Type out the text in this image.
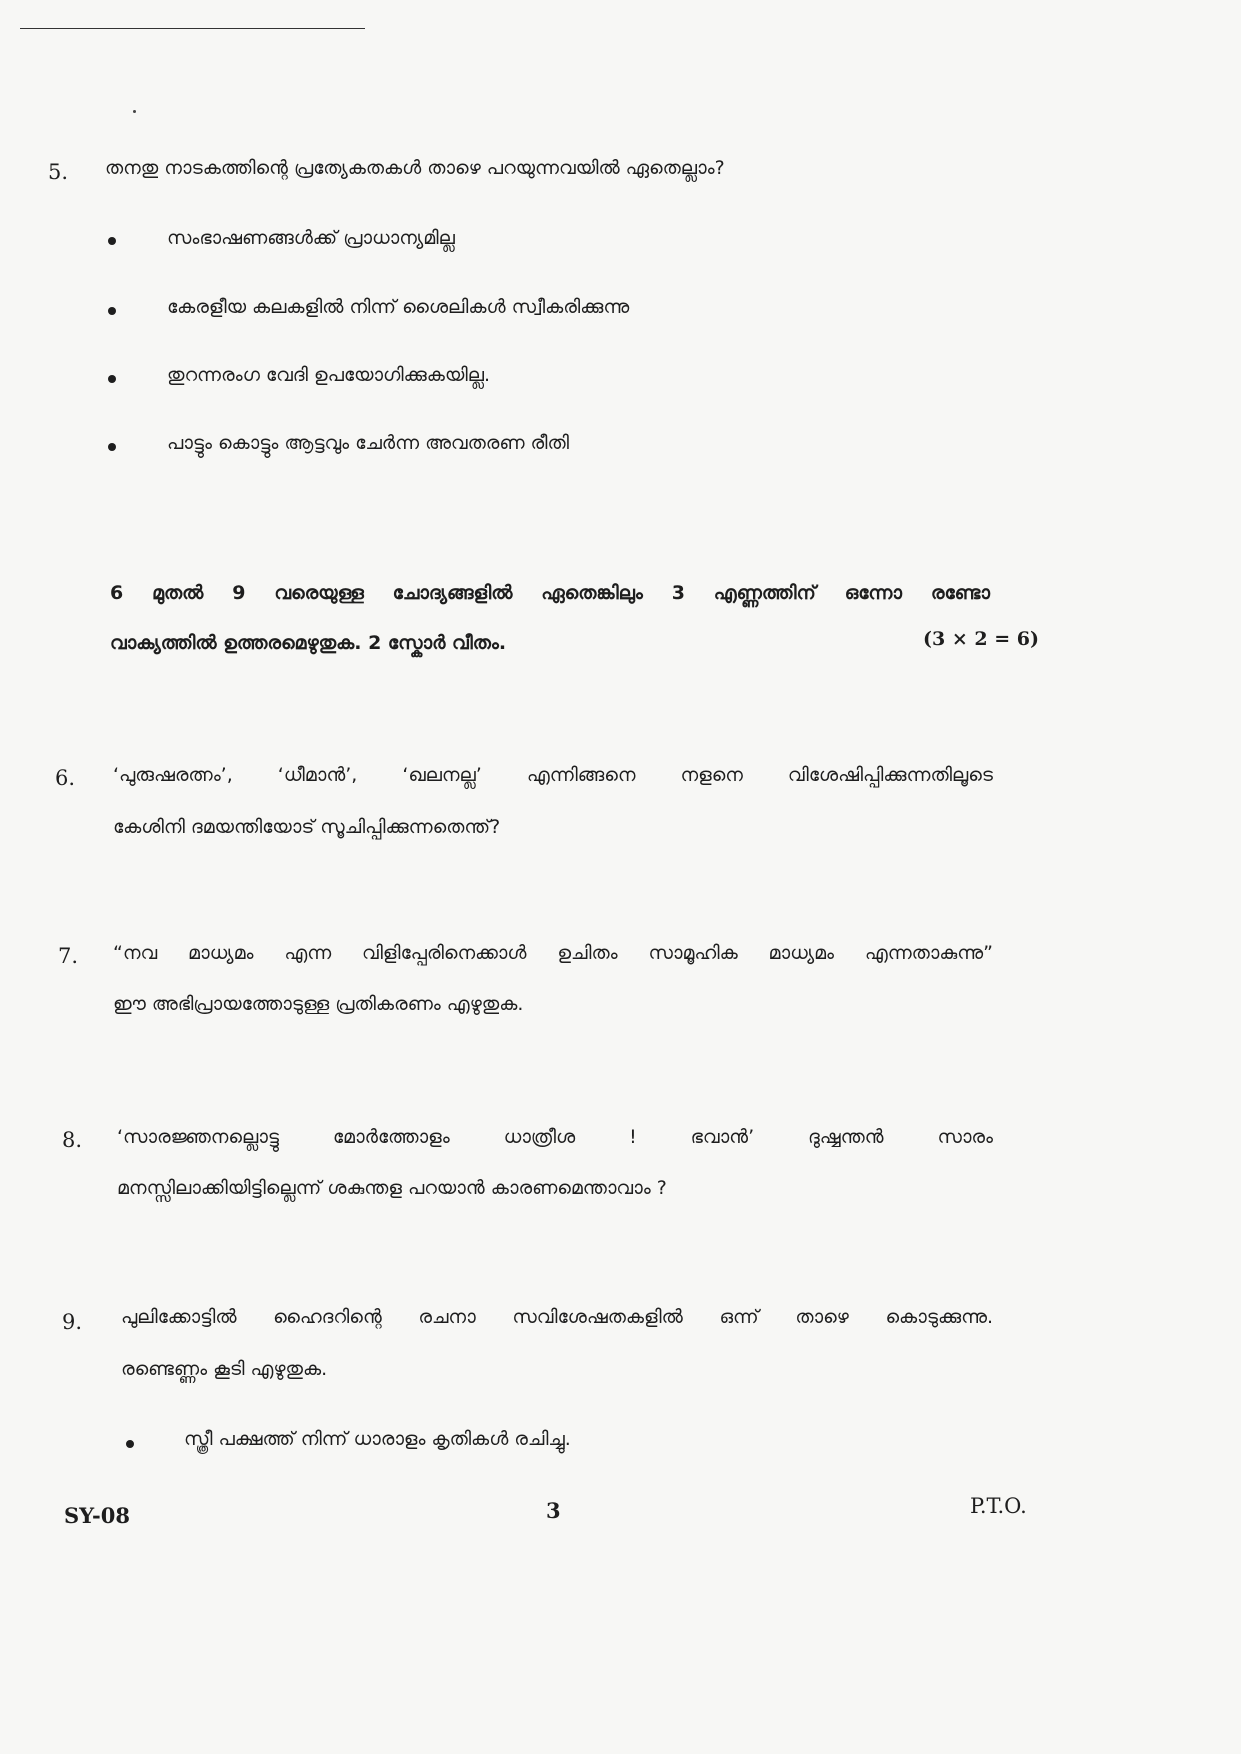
5. തനതു നാടകത്തിന്റെ പ്രത്യേകതകൾ താഴെ പറയുന്നവയിൽ ഏതെല്ലാം?
സംഭാഷണങ്ങൾക്ക് പ്രാധാന്യമില്ല
കേരളീയ കലകളിൽ നിന്ന് ശൈലികൾ സ്വീകരിക്കുന്നു
തുറന്നരംഗ വേദി ഉപയോഗിക്കുകയില്ല.
പാട്ടും കൊട്ടും ആട്ടവും ചേർന്ന അവതരണ രീതി
6 മുതൽ 9 വരെയുള്ള ചോദ്യങ്ങളിൽ ഏതെങ്കിലും 3 എണ്ണത്തിന് ഒന്നോ രണ്ടോ
വാക്യത്തിൽ ഉത്തരമെഴുതുക. 2 സ്കോർ വീതം.	(3 × 2 = 6)
6. ‘പുരുഷരത്നം’, ‘ധീമാൻ’, ‘ഖലനല്ല’ എന്നിങ്ങനെ നളനെ വിശേഷിപ്പിക്കുന്നതിലൂടെ
കേശിനി ദമയന്തിയോട് സൂചിപ്പിക്കുന്നതെന്ത്?
7. “നവ മാധ്യമം എന്ന വിളിപ്പേരിനെക്കാൾ ഉചിതം സാമൂഹിക മാധ്യമം എന്നതാകുന്നു”
ഈ അഭിപ്രായത്തോടുള്ള പ്രതികരണം എഴുതുക.
8. ‘സാരജ്ഞനല്ലൊട്ടു മോർത്തോളം ധാത്രീശ ! ഭവാൻ’ ദുഷ്ഷന്തൻ സാരം
മനസ്സിലാക്കിയിട്ടില്ലെന്ന് ശകുന്തള പറയാൻ കാരണമെന്താവാം ?
9. പുലിക്കോട്ടിൽ ഹൈദറിന്റെ രചനാ സവിശേഷതകളിൽ ഒന്ന് താഴെ കൊടുക്കുന്നു.
രണ്ടെണ്ണം കൂടി എഴുതുക.
സ്ത്രീ പക്ഷത്ത് നിന്ന് ധാരാളം കൃതികൾ രചിച്ചു.
SY-08	3	P.T.O.
